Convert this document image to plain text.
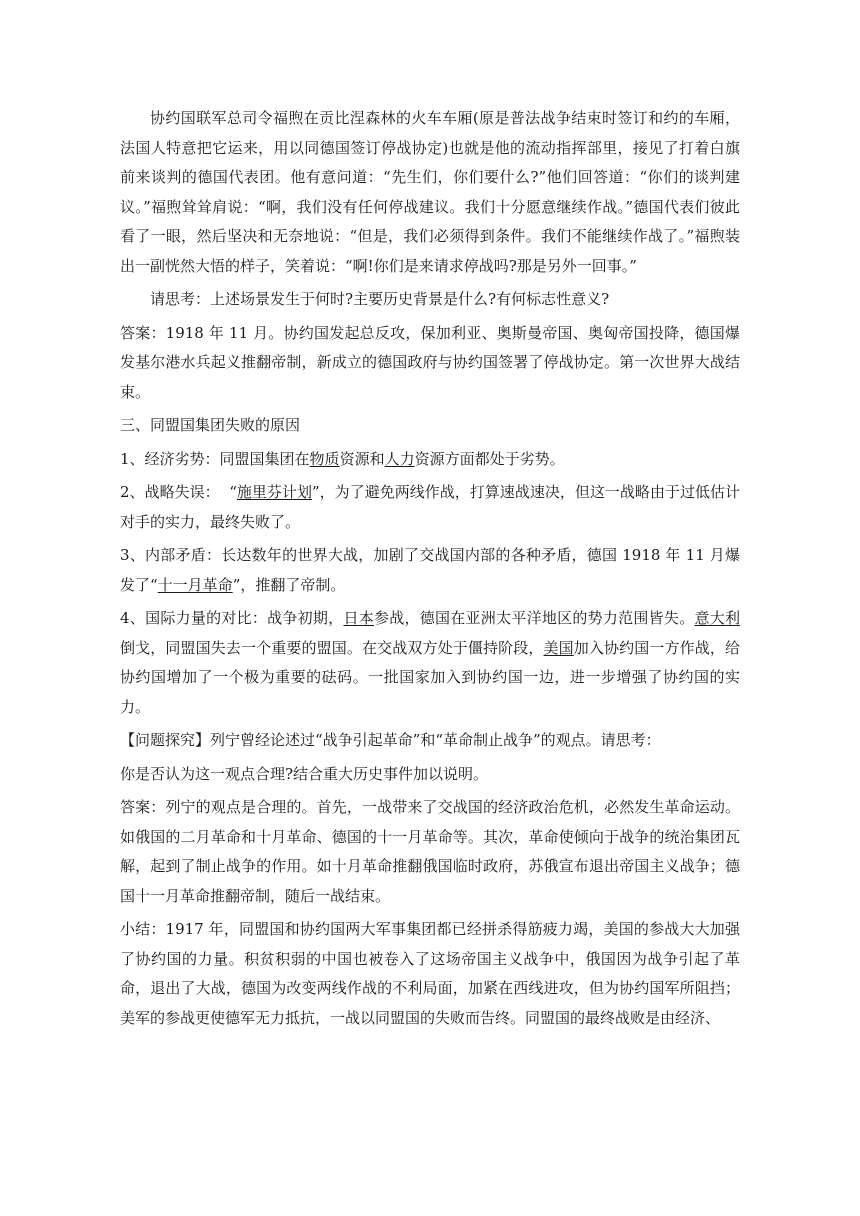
协约国联军总司令福煦在贡比涅森林的火车车厢(原是普法战争结束时签订和约的车厢，法国人特意把它运来，用以同德国签订停战协定)也就是他的流动指挥部里，接见了打着白旗前来谈判的德国代表团。他有意问道：“先生们，你们要什么?”他们回答道：“你们的谈判建议。”福煦耸耸肩说：“啊，我们没有任何停战建议。我们十分愿意继续作战。”德国代表们彼此看了一眼，然后坚决和无奈地说：“但是，我们必须得到条件。我们不能继续作战了。”福煦装出一副恍然大悟的样子，笑着说：“啊!你们是来请求停战吗?那是另外一回事。”

请思考：上述场景发生于何时?主要历史背景是什么?有何标志性意义?

答案：1918 年 11 月。协约国发起总反攻，保加利亚、奥斯曼帝国、奥匈帝国投降，德国爆发基尔港水兵起义推翻帝制，新成立的德国政府与协约国签署了停战协定。第一次世界大战结束。

三、同盟国集团失败的原因

1、经济劣势：同盟国集团在物质资源和人力资源方面都处于劣势。

2、战略失误：  “施里芬计划”，为了避免两线作战，打算速战速决，但这一战略由于过低估计对手的实力，最终失败了。

3、内部矛盾：长达数年的世界大战，加剧了交战国内部的各种矛盾，德国 1918 年 11 月爆发了“十一月革命”，推翻了帝制。

4、国际力量的对比：战争初期，日本参战，德国在亚洲太平洋地区的势力范围皆失。意大利倒戈，同盟国失去一个重要的盟国。在交战双方处于僵持阶段，美国加入协约国一方作战，给协约国增加了一个极为重要的砝码。一批国家加入到协约国一边，进一步增强了协约国的实力。

【问题探究】列宁曾经论述过“战争引起革命”和“革命制止战争”的观点。请思考：

你是否认为这一观点合理?结合重大历史事件加以说明。

答案：列宁的观点是合理的。首先，一战带来了交战国的经济政治危机，必然发生革命运动。如俄国的二月革命和十月革命、德国的十一月革命等。其次，革命使倾向于战争的统治集团瓦解，起到了制止战争的作用。如十月革命推翻俄国临时政府，苏俄宣布退出帝国主义战争；德国十一月革命推翻帝制，随后一战结束。

小结：1917 年，同盟国和协约国两大军事集团都已经拼杀得筋疲力竭，美国的参战大大加强了协约国的力量。积贫积弱的中国也被卷入了这场帝国主义战争中，俄国因为战争引起了革命，退出了大战，德国为改变两线作战的不利局面，加紧在西线进攻，但为协约国军所阻挡；美军的参战更使德军无力抵抗，一战以同盟国的失败而告终。同盟国的最终战败是由经济、
